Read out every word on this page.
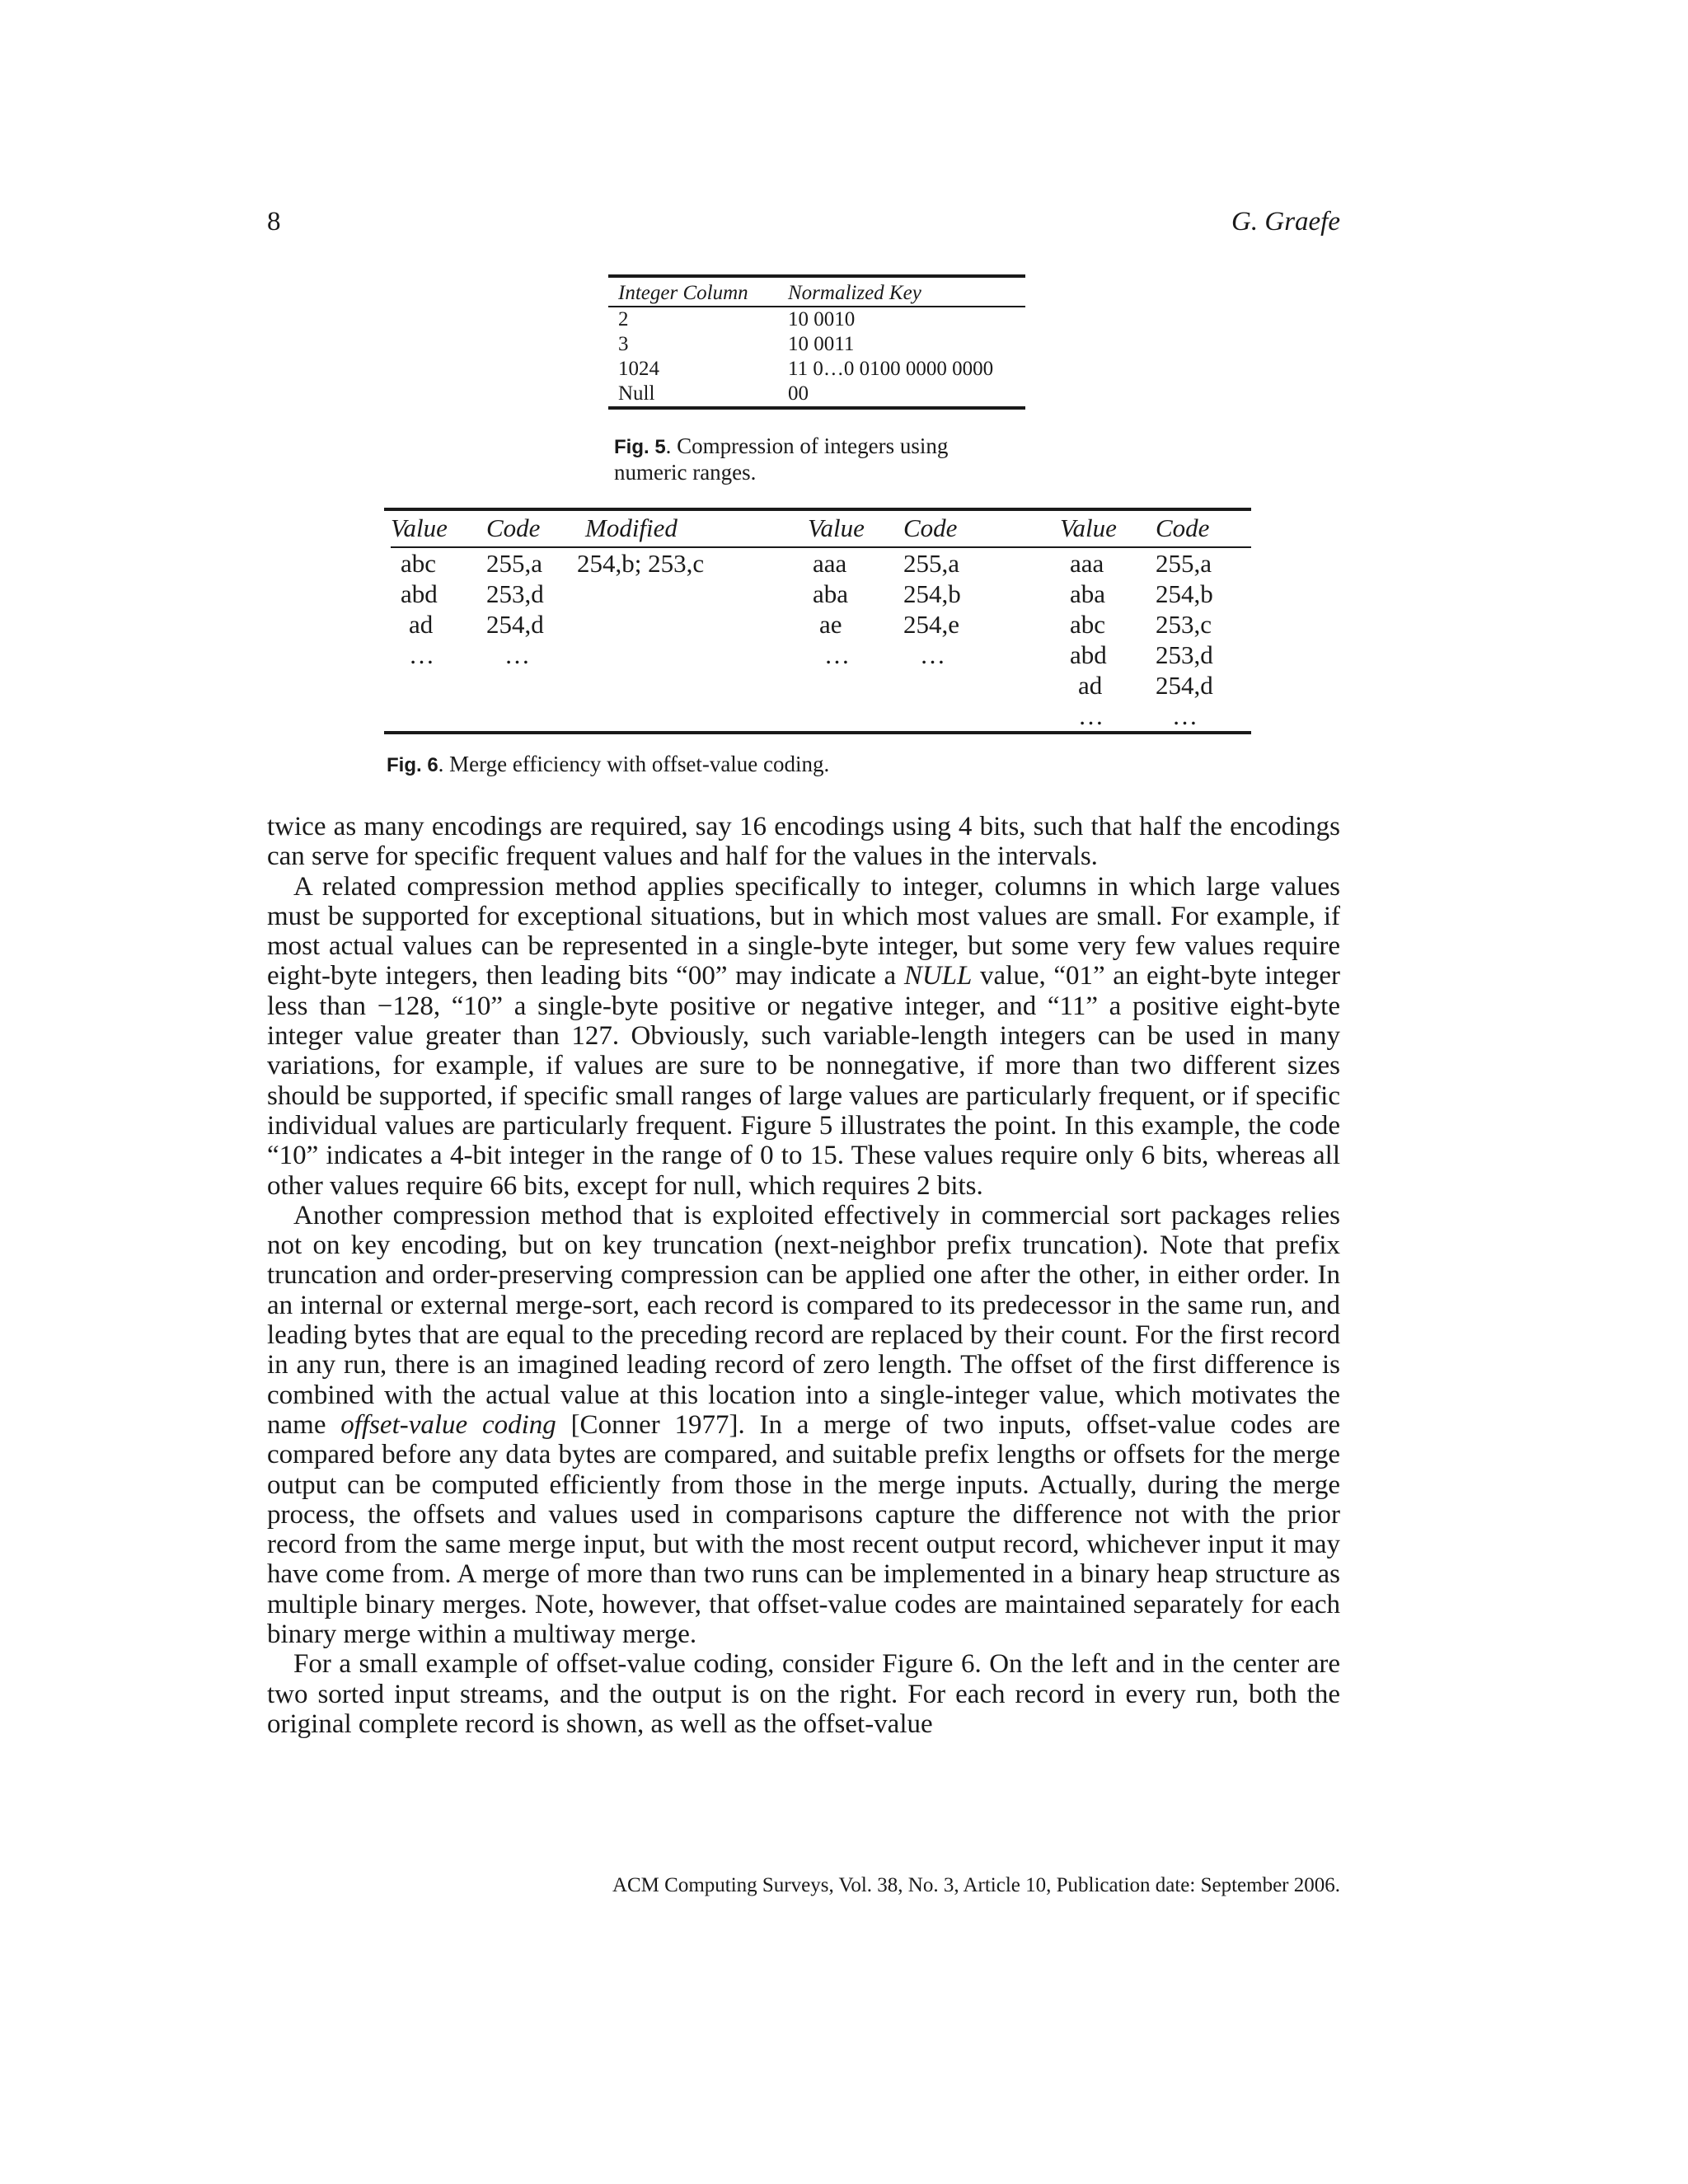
8	G. Graefe
Integer Column	Normalized Key
2	10 0010
3	10 0011
1024	11 0…0 0100 0000 0000
Null	00
Fig. 5. Compression of integers using numeric ranges.
	Value	Code	Modified	Value	Code	Value	Code
	abc	255,a	254,b; 253,c	aaa	255,a	aaa	255,a
	abd	253,d		aba	254,b	aba	254,b
	ad	254,d		ae	254,e	abc	253,c
	…	…		…	…	abd	253,d
						ad	254,d
						…	…
Fig. 6. Merge efficiency with offset-value coding.

twice as many encodings are required, say 16 encodings using 4 bits, such that half the encodings can serve for specific frequent values and half for the values in the intervals.

A related compression method applies specifically to integer, columns in which large values must be supported for exceptional situations, but in which most values are small. For example, if most actual values can be represented in a single-byte integer, but some very few values require eight-byte integers, then leading bits “00” may indicate a NULL value, “01” an eight-byte integer less than −128, “10” a single-byte positive or negative integer, and “11” a positive eight-byte integer value greater than 127. Obviously, such variable-length integers can be used in many variations, for example, if values are sure to be nonnegative, if more than two different sizes should be supported, if specific small ranges of large values are particularly frequent, or if specific individual values are particularly frequent. Figure 5 illustrates the point. In this example, the code “10” indicates a 4-bit integer in the range of 0 to 15. These values require only 6 bits, whereas all other values require 66 bits, except for null, which requires 2 bits.

Another compression method that is exploited effectively in commercial sort packages relies not on key encoding, but on key truncation (next-neighbor prefix truncation). Note that prefix truncation and order-preserving compression can be applied one after the other, in either order. In an internal or external merge-sort, each record is compared to its predecessor in the same run, and leading bytes that are equal to the preceding record are replaced by their count. For the first record in any run, there is an imagined leading record of zero length. The offset of the first difference is combined with the actual value at this location into a single-integer value, which motivates the name offset-value coding [Conner 1977]. In a merge of two inputs, offset-value codes are compared before any data bytes are compared, and suitable prefix lengths or offsets for the merge output can be computed efficiently from those in the merge inputs. Actually, during the merge process, the offsets and values used in comparisons capture the difference not with the prior record from the same merge input, but with the most recent output record, whichever input it may have come from. A merge of more than two runs can be implemented in a binary heap structure as multiple binary merges. Note, however, that offset-value codes are maintained separately for each binary merge within a multiway merge.

For a small example of offset-value coding, consider Figure 6. On the left and in the center are two sorted input streams, and the output is on the right. For each record in every run, both the original complete record is shown, as well as the offset-value

ACM Computing Surveys, Vol. 38, No. 3, Article 10, Publication date: September 2006.
